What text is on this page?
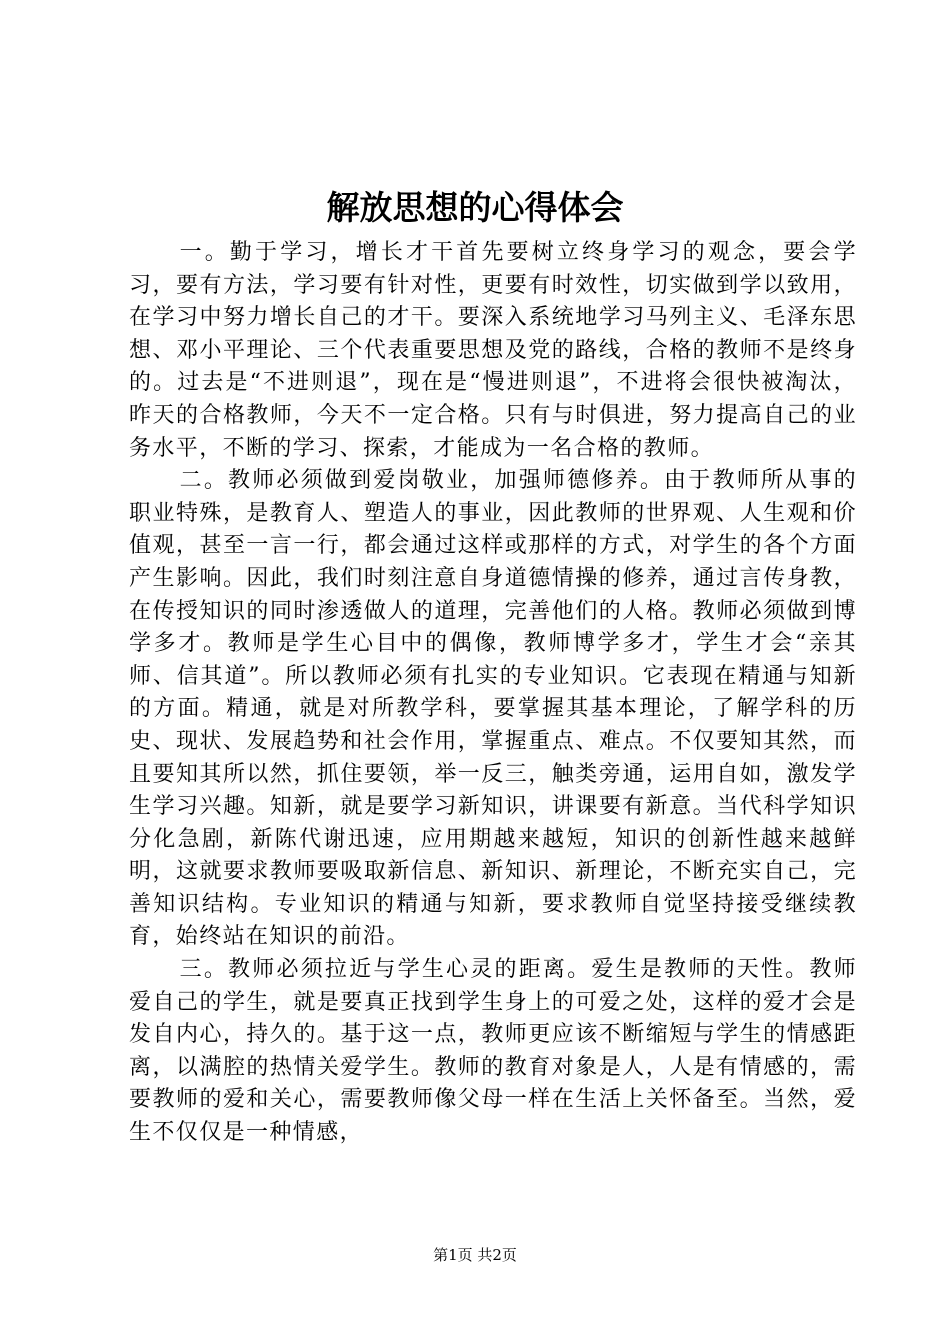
解放思想的心得体会

一。勤于学习，增长才干首先要树立终身学习的观念，要会学习，要有方法，学习要有针对性，更要有时效性，切实做到学以致用，在学习中努力增长自己的才干。要深入系统地学习马列主义、毛泽东思想、邓小平理论、三个代表重要思想及党的路线，合格的教师不是终身的。过去是“不进则退”，现在是“慢进则退”，不进将会很快被淘汰，昨天的合格教师，今天不一定合格。只有与时俱进，努力提高自己的业务水平，不断的学习、探索，才能成为一名合格的教师。

二。教师必须做到爱岗敬业，加强师德修养。由于教师所从事的职业特殊，是教育人、塑造人的事业，因此教师的世界观、人生观和价值观，甚至一言一行，都会通过这样或那样的方式，对学生的各个方面产生影响。因此，我们时刻注意自身道德情操的修养，通过言传身教，在传授知识的同时渗透做人的道理，完善他们的人格。教师必须做到博学多才。教师是学生心目中的偶像，教师博学多才，学生才会“亲其师、信其道”。所以教师必须有扎实的专业知识。它表现在精通与知新的方面。精通，就是对所教学科，要掌握其基本理论，了解学科的历史、现状、发展趋势和社会作用，掌握重点、难点。不仅要知其然，而且要知其所以然，抓住要领，举一反三，触类旁通，运用自如，激发学生学习兴趣。知新，就是要学习新知识，讲课要有新意。当代科学知识分化急剧，新陈代谢迅速，应用期越来越短，知识的创新性越来越鲜明，这就要求教师要吸取新信息、新知识、新理论，不断充实自己，完善知识结构。专业知识的精通与知新，要求教师自觉坚持接受继续教育，始终站在知识的前沿。

三。教师必须拉近与学生心灵的距离。爱生是教师的天性。教师爱自己的学生，就是要真正找到学生身上的可爱之处，这样的爱才会是发自内心，持久的。基于这一点，教师更应该不断缩短与学生的情感距离，以满腔的热情关爱学生。教师的教育对象是人，人是有情感的，需要教师的爱和关心，需要教师像父母一样在生活上关怀备至。当然，爱生不仅仅是一种情感，

第1页 共2页
